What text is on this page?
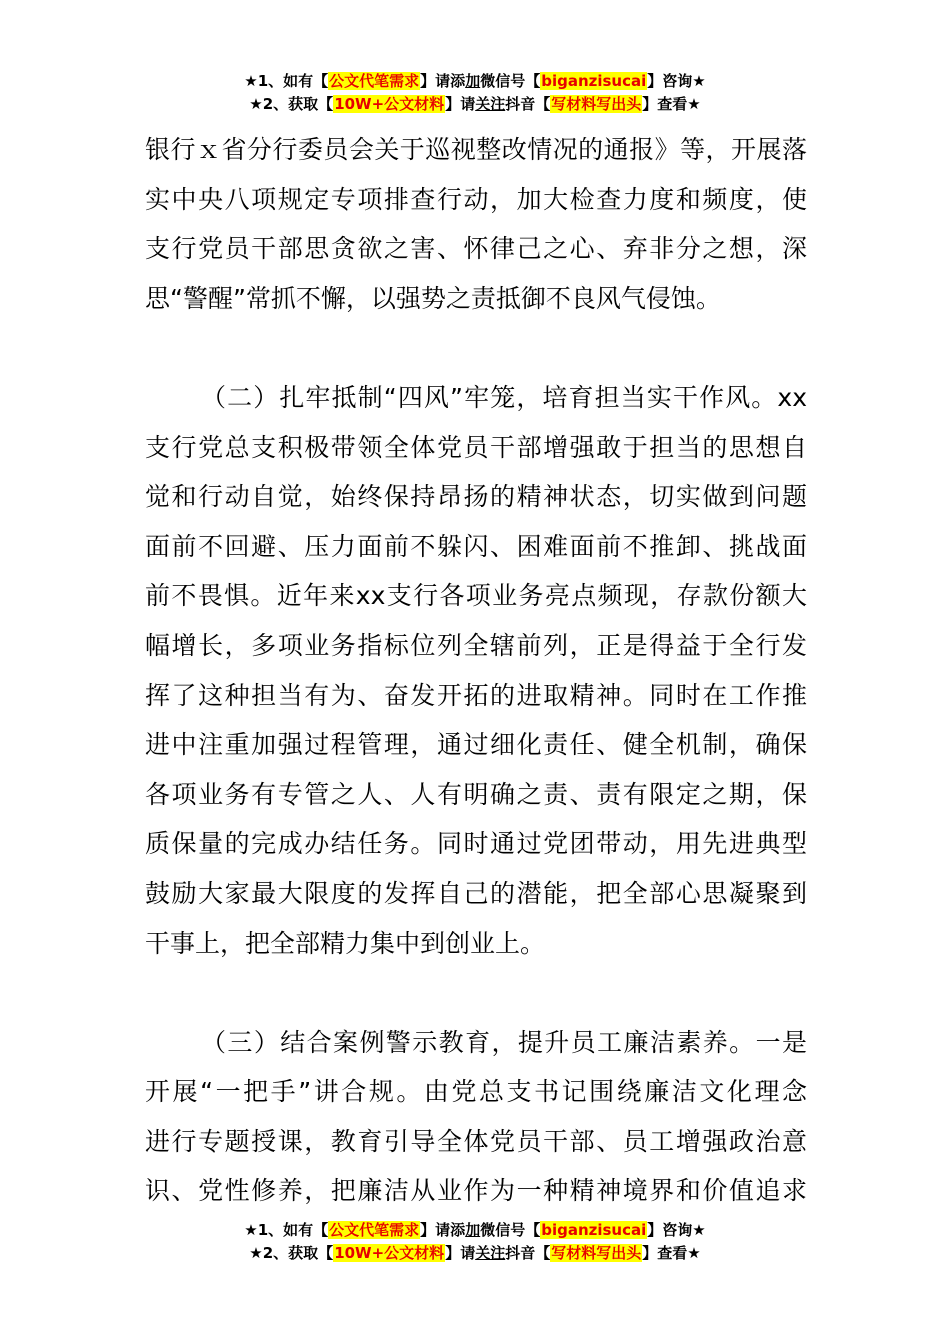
★1、如有【公文代笔需求】请添加微信号【biganzisucai】咨询★
★2、获取【10W+公文材料】请关注抖音【写材料写出头】查看★

银行ｘ省分行委员会关于巡视整改情况的通报》等，开展落

实中央八项规定专项排查行动，加大检查力度和频度，使

支行党员干部思贪欲之害、怀律己之心、弃非分之想，深

思“警醒”常抓不懈，以强势之责抵御不良风气侵蚀。

（二）扎牢抵制“四风”牢笼，培育担当实干作风。xx

支行党总支积极带领全体党员干部增强敢于担当的思想自

觉和行动自觉，始终保持昂扬的精神状态，切实做到问题

面前不回避、压力面前不躲闪、困难面前不推卸、挑战面

前不畏惧。近年来xx支行各项业务亮点频现，存款份额大

幅增长，多项业务指标位列全辖前列，正是得益于全行发

挥了这种担当有为、奋发开拓的进取精神。同时在工作推

进中注重加强过程管理，通过细化责任、健全机制，确保

各项业务有专管之人、人有明确之责、责有限定之期，保

质保量的完成办结任务。同时通过党团带动，用先进典型

鼓励大家最大限度的发挥自己的潜能，把全部心思凝聚到

干事上，把全部精力集中到创业上。

（三）结合案例警示教育，提升员工廉洁素养。一是

开展“一把手”讲合规。由党总支书记围绕廉洁文化理念

进行专题授课，教育引导全体党员干部、员工增强政治意

识、党性修养，把廉洁从业作为一种精神境界和价值追求

★1、如有【公文代笔需求】请添加微信号【biganzisucai】咨询★
★2、获取【10W+公文材料】请关注抖音【写材料写出头】查看★
